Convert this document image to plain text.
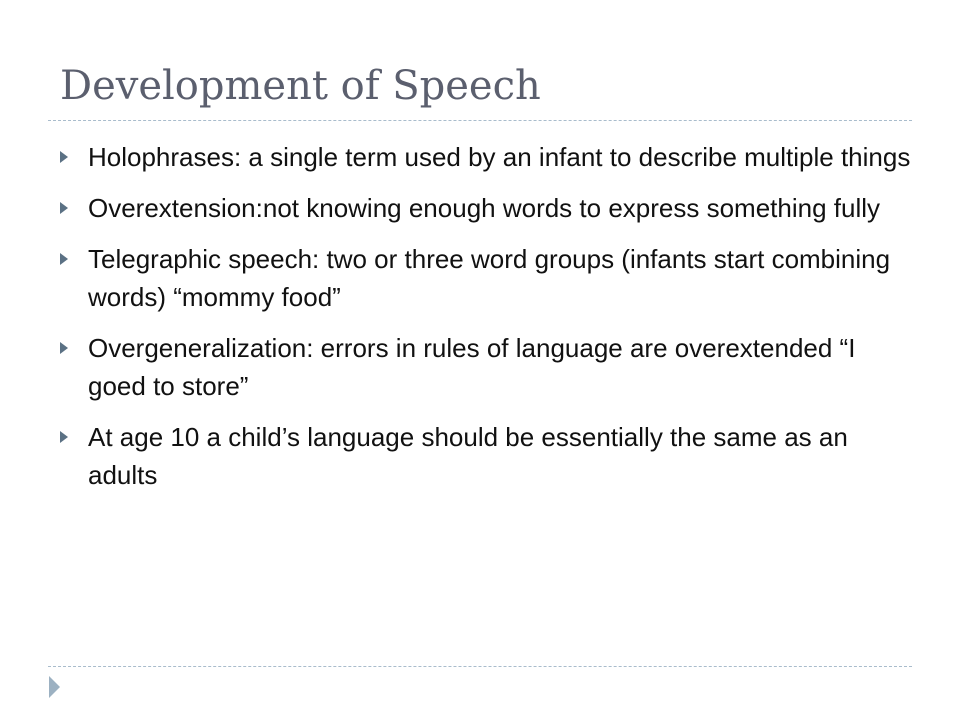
Development of Speech
Holophrases: a single term used by an infant to describe multiple things
Overextension:not knowing enough words to express something fully
Telegraphic speech: two or three word groups (infants start combining words) “mommy food”
Overgeneralization: errors in rules of language are overextended “I goed to store”
At age 10 a child’s language should be essentially the same as an adults
